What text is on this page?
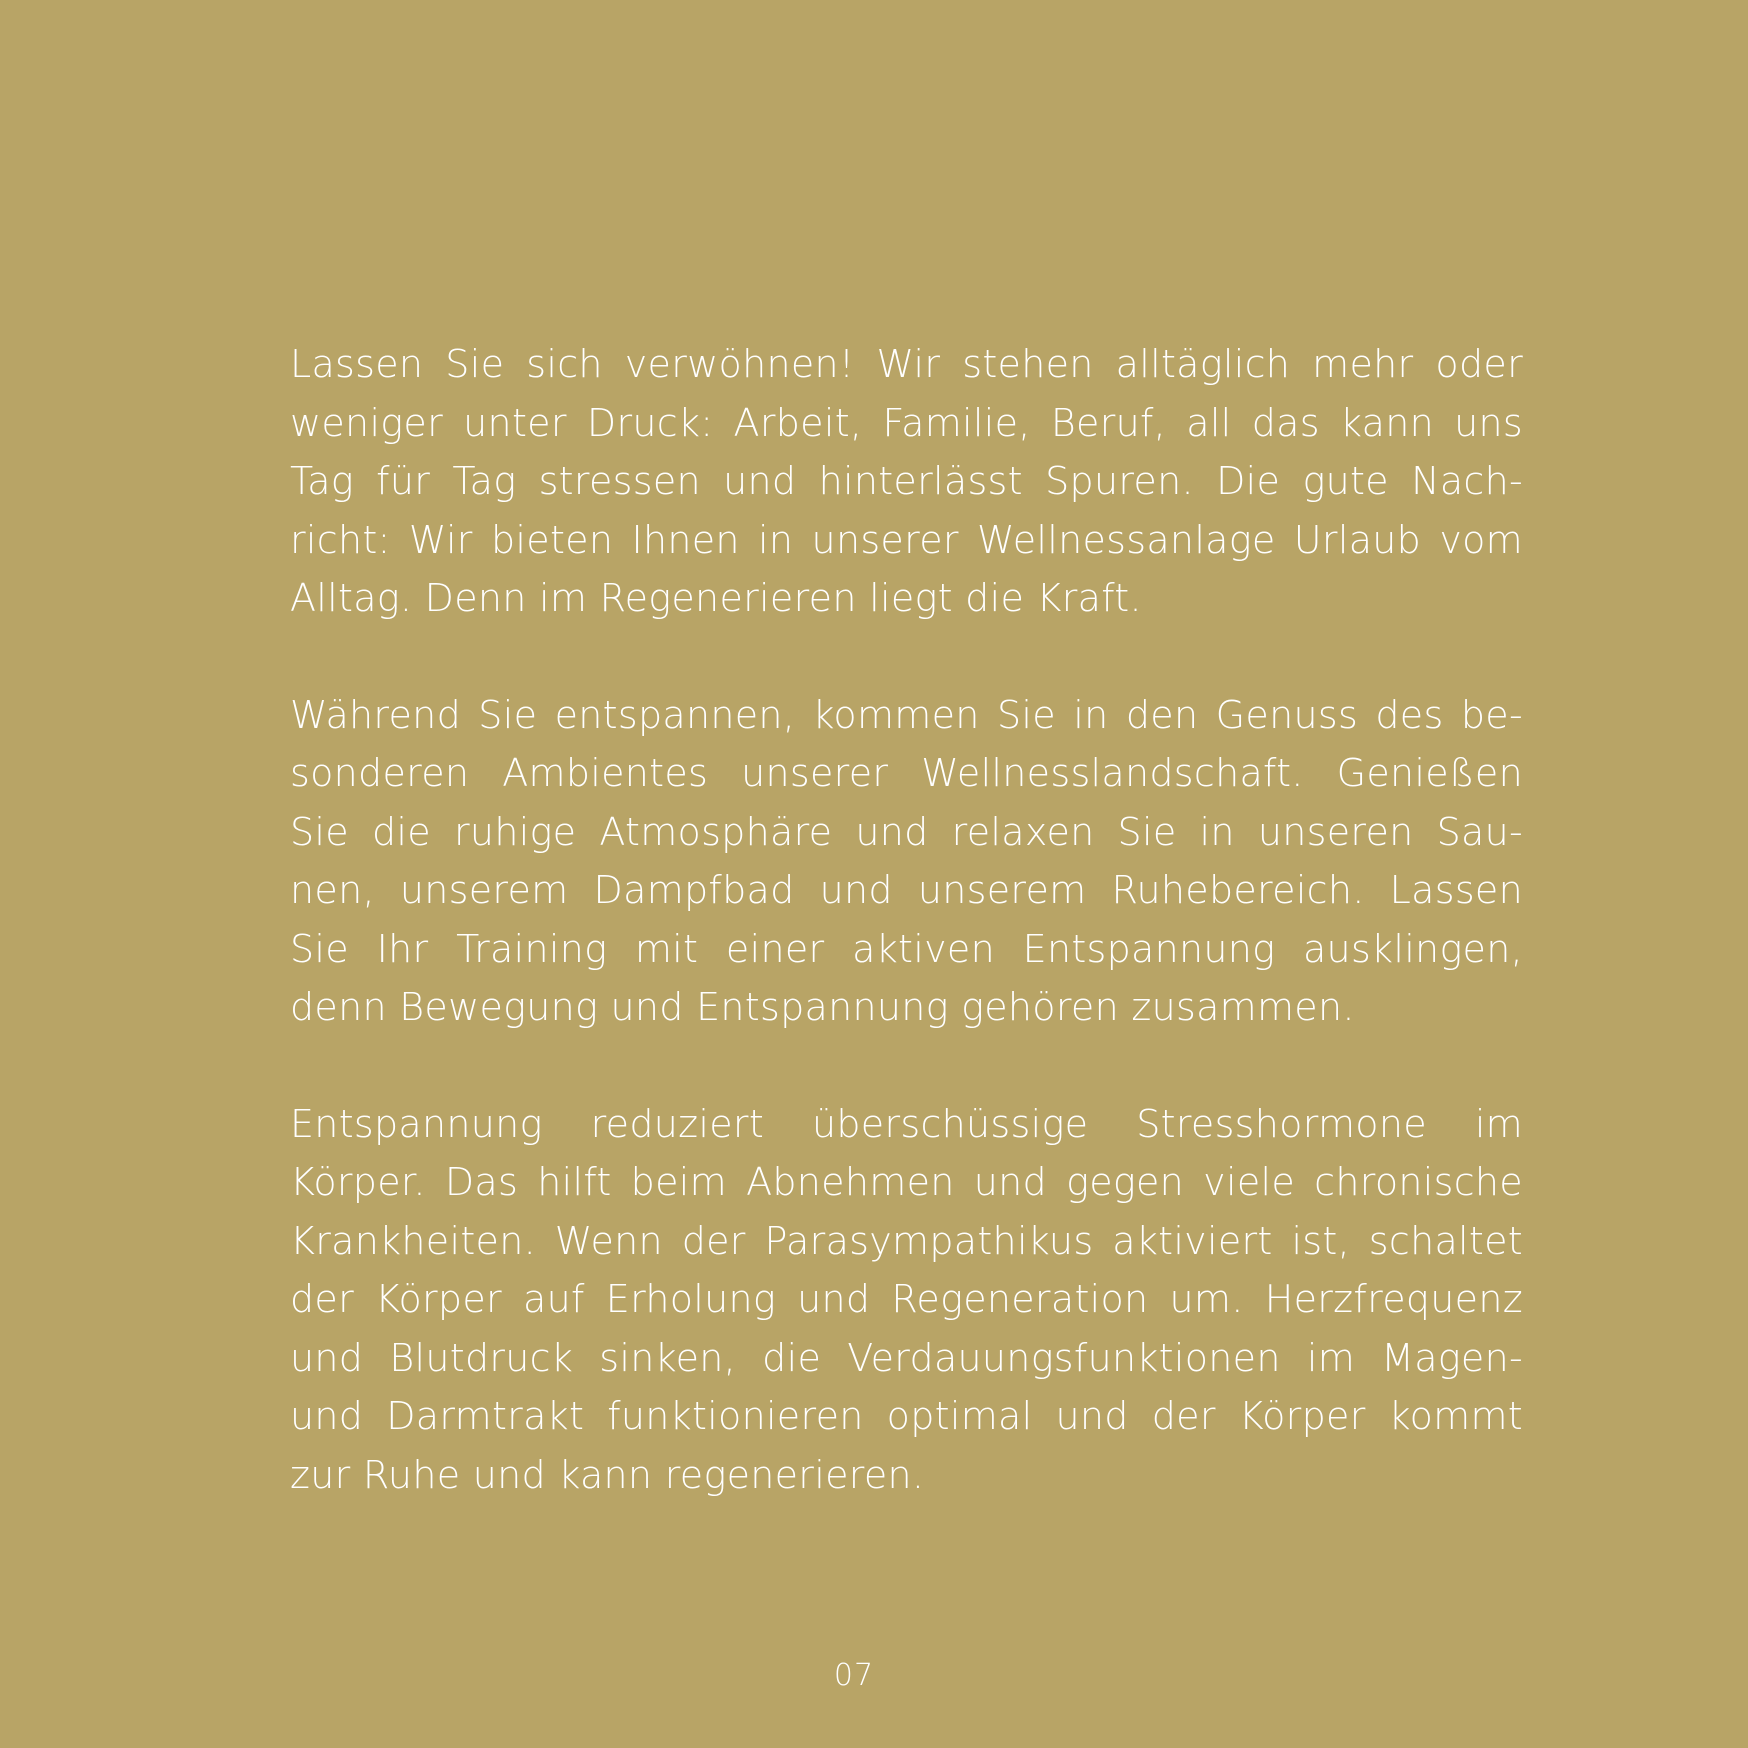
Lassen Sie sich verwöhnen! Wir stehen alltäglich mehr oder
weniger unter Druck: Arbeit, Familie, Beruf, all das kann uns
Tag für Tag stressen und hinterlässt Spuren. Die gute Nach-
richt: Wir bieten Ihnen in unserer Wellnessanlage Urlaub vom
Alltag. Denn im Regenerieren liegt die Kraft.
Während Sie entspannen, kommen Sie in den Genuss des be-
sonderen Ambientes unserer Wellnesslandschaft. Genießen
Sie die ruhige Atmosphäre und relaxen Sie in unseren Sau-
nen, unserem Dampfbad und unserem Ruhebereich. Lassen
Sie Ihr Training mit einer aktiven Entspannung ausklingen,
denn Bewegung und Entspannung gehören zusammen.
Entspannung reduziert überschüssige Stresshormone im
Körper. Das hilft beim Abnehmen und gegen viele chronische
Krankheiten. Wenn der Parasympathikus aktiviert ist, schaltet
der Körper auf Erholung und Regeneration um. Herzfrequenz
und Blutdruck sinken, die Verdauungsfunktionen im Magen-
und Darmtrakt funktionieren optimal und der Körper kommt
zur Ruhe und kann regenerieren.
07
